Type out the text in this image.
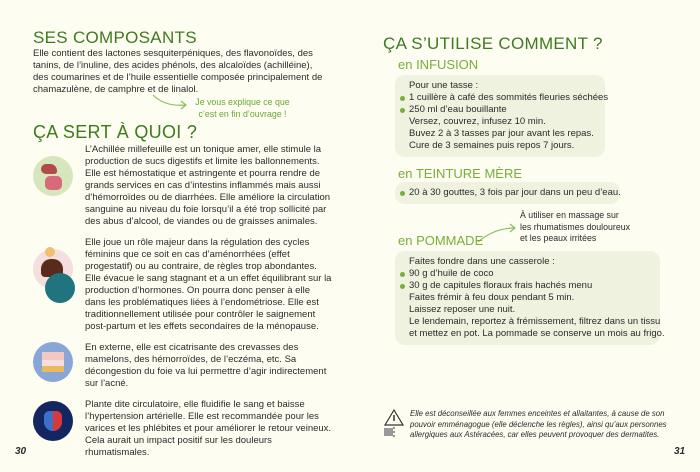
SES COMPOSANTS

Elle contient des lactones sesquiterpéniques, des flavonoïdes, des tanins, de l’inuline, des acides phénols, des alcaloïdes (achilléine), des coumarines et de l’huile essentielle composée principalement de chamazulène, de camphre et de linalol.

Je vous explique ce que
c’est en fin d’ouvrage !
ÇA SERT À QUOI ?

L’Achillée millefeuille est un tonique amer, elle stimule la production de sucs digestifs et limite les ballonnements. Elle est hémostatique et astringente et pourra rendre de grands services en cas d’intestins inflammés mais aussi d’hémorroïdes ou de diarrhées. Elle améliore la circulation sanguine au niveau du foie lorsqu’il a été trop sollicité par des abus d’alcool, de viandes ou de graisses animales.

Elle joue un rôle majeur dans la régulation des cycles féminins que ce soit en cas d’aménorrhées (effet progestatif) ou au contraire, de règles trop abondantes. Elle évacue le sang stagnant et a un effet équilibrant sur la production d’hormones. On pourra donc penser à elle dans les problématiques liées à l’endométriose. Elle est traditionnellement utilisée pour contrôler le saignement post-partum et les effets secondaires de la ménopause.

En externe, elle est cicatrisante des crevasses des mamelons, des hémorroïdes, de l’eczéma, etc. Sa décongestion du foie va lui permettre d’agir indirectement sur l’acné.

Plante dite circulatoire, elle fluidifie le sang et baisse l’hypertension artérielle. Elle est recommandée pour les varices et les phlébites et pour améliorer le retour veineux. Cela aurait un impact positif sur les douleurs rhumatismales.

30
ÇA S’UTILISE COMMENT ?
en INFUSION
Pour une tasse :
1 cuillère à café des sommités fleuries séchées
250 ml d’eau bouillante
Versez, couvrez, infusez 10 min.
Buvez 2 à 3 tasses par jour avant les repas.
Cure de 3 semaines puis repos 7 jours.
en TEINTURE MÈRE
20 à 30 gouttes, 3 fois par jour dans un peu d’eau.
À utiliser en massage sur
les rhumatismes douloureux
et les peaux irritées
en POMMADE
Faites fondre dans une casserole :
90 g d’huile de coco
30 g de capitules floraux frais hachés menu
Faites frémir à feu doux pendant 5 min.
Laissez reposer une nuit.
Le lendemain, reportez à frémissement, filtrez dans un tissu
et mettez en pot. La pommade se conserve un mois au frigo.
Elle est déconseillée aux femmes enceintes et allaitantes, à cause de son
pouvoir emménagogue (elle déclenche les règles), ainsi qu’aux personnes
allergiques aux Astéracées, car elles peuvent provoquer des dermatites.
31
